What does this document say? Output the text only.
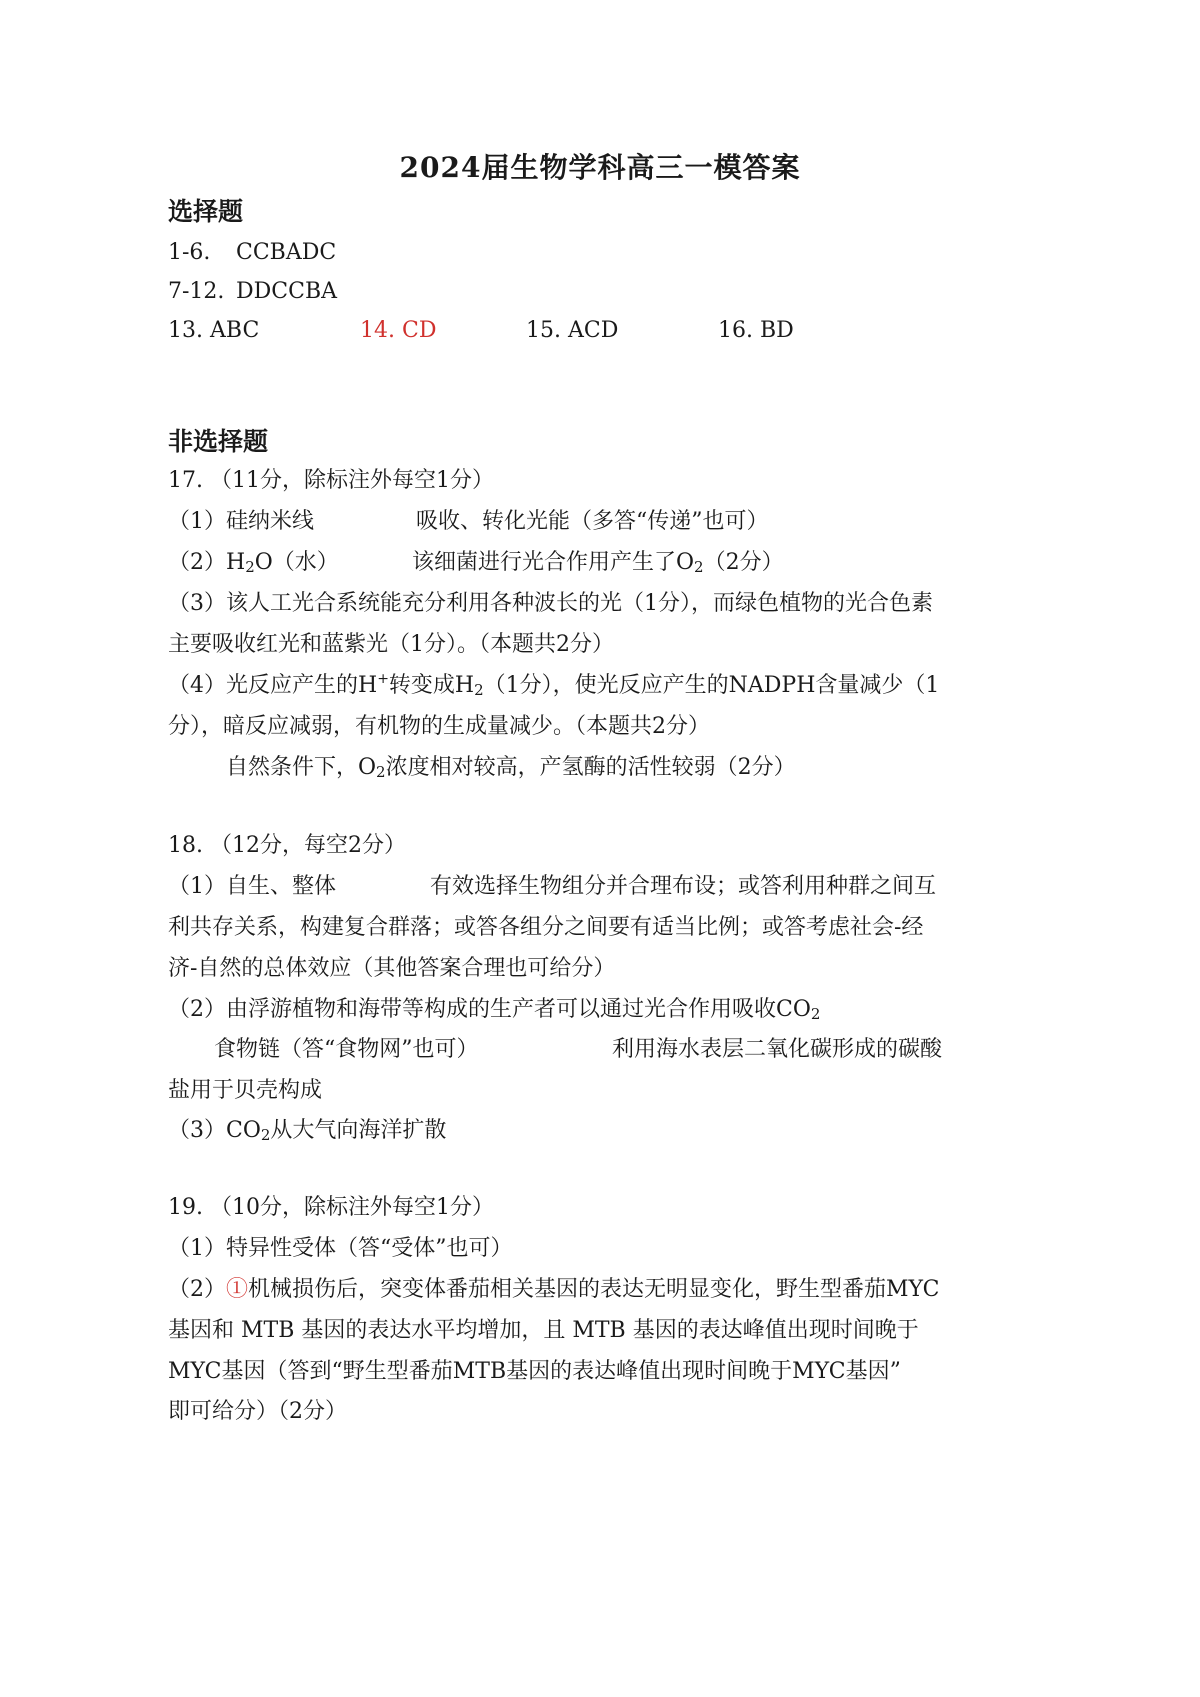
2024届生物学科高三一模答案
选择题
1-6. CCBADC
7-12. DDCCBA
13. ABC	14. CD	15. ACD	16. BD
非选择题
17. （11分，除标注外每空1分）
（1）硅纳米线	吸收、转化光能（多答“传递”也可）
$(2)H_2O$（水）	该细菌进行光合作用产生了$O_2(2$分）
（3）该人工光合系统能充分利用各种波长的光（1分），而绿色植物的光合色素
主要吸收红光和蓝紫光（1分）。（本题共2分）
（4）光反应产生的H+转变成$H_2(1$分），使光反应产生的NADPH含量减少（1
分），暗反应减弱，有机物的生成量减少。（本题共2分）
自然条件下，$O_2$浓度相对较高，产氢酶的活性较弱（2分）
18. （12分，每空2分）
（1）自生、整体	有效选择生物组分并合理布设；或答利用种群之间互
利共存关系，构建复合群落；或答各组分之间要有适当比例；或答考虑社会-经
济-自然的总体效应（其他答案合理也可给分）
（2）由浮游植物和海带等构成的生产者可以通过光合作用吸收$CO_2$
食物链（答“食物网”也可）	利用海水表层二氧化碳形成的碳酸
盐用于贝壳构成
$(3)CO_2$从大气向海洋扩散
19. （10分，除标注外每空1分）
（1）特异性受体（答“受体”也可）
（2）①机械损伤后，突变体番茄相关基因的表达无明显变化，野生型番茄MYC
基因和 MTB 基因的表达水平均增加，且 MTB 基因的表达峰值出现时间晚于
MYC基因（答到“野生型番茄MTB基因的表达峰值出现时间晚于MYC基因”
即可给分）（2分）
